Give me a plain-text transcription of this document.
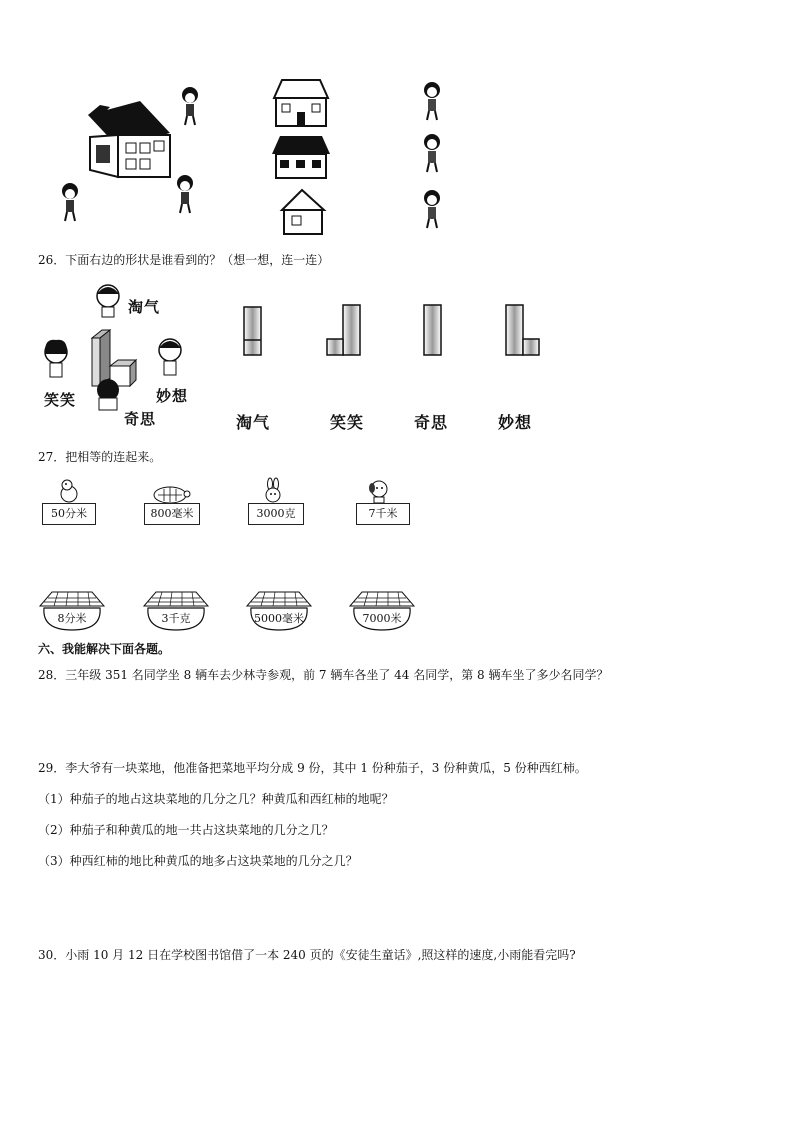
26．下面右边的形状是谁看到的？（想一想，连一连）
淘气
笑笑
奇思
妙想
淘气	笑笑	奇思	妙想
27．把相等的连起来。
50分米	800毫米	3000克	7千米
8分米	3千克	5000毫米	7000米
六、我能解决下面各题。
28．三年级 351 名同学坐 8 辆车去少林寺参观，前 7 辆车各坐了 44 名同学，第 8 辆车坐了多少名同学？
29．李大爷有一块菜地，他准备把菜地平均分成 9 份，其中 1 份种茄子，3 份种黄瓜，5 份种西红柿。
（1）种茄子的地占这块菜地的几分之几？种黄瓜和西红柿的地呢？
（2）种茄子和种黄瓜的地一共占这块菜地的几分之几？
（3）种西红柿的地比种黄瓜的地多占这块菜地的几分之几？
30．小雨 10 月 12 日在学校图书馆借了一本 240 页的《安徒生童话》,照这样的速度,小雨能看完吗?
